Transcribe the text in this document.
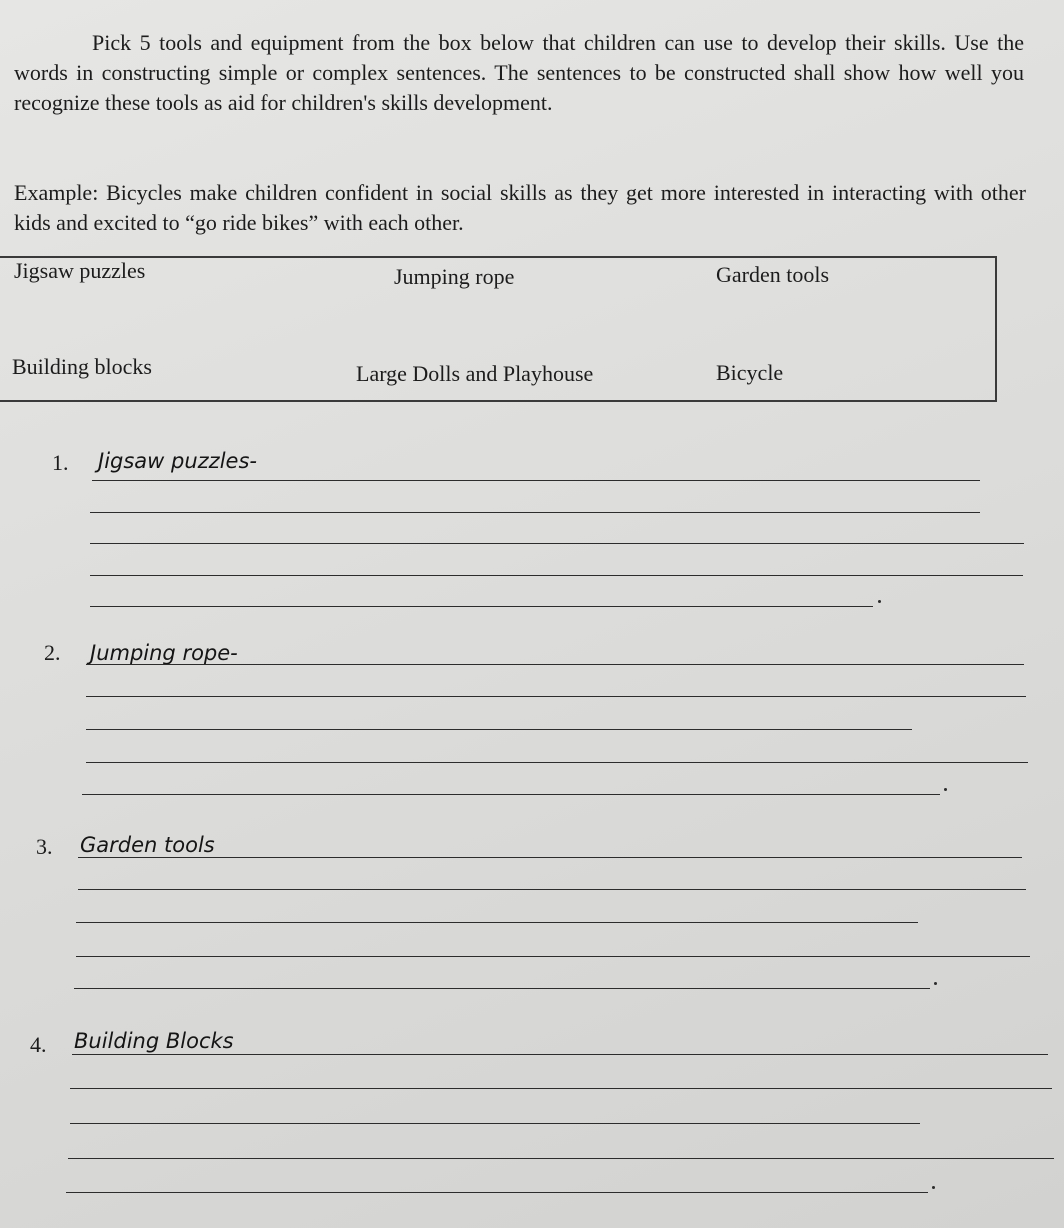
Pick 5 tools and equipment from the box below that children can use to develop their skills. Use the words in constructing simple or complex sentences. The sentences to be constructed shall show how well you recognize these tools as aid for children's skills development.

Example: Bicycles make children confident in social skills as they get more interested in interacting with other kids and excited to “go ride bikes” with each other.

Jigsaw puzzles	Jumping rope	Garden tools
Building blocks	Large Dolls and Playhouse	Bicycle
1. Jigsaw puzzles-
2. Jumping rope-
3. Garden tools
4. Building Blocks
